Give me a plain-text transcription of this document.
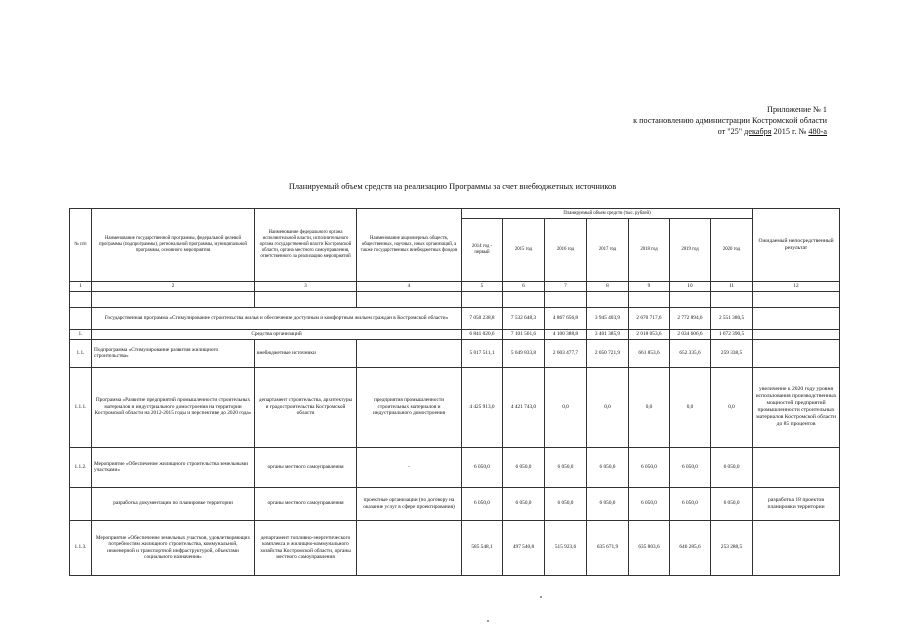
Приложение № 1
к постановлению администрации Костромской области
от "25" декабря 2015 г. № 480-а
Планируемый объем средств на реализацию Программы за счет внебюджетных источников
№ п/п	Наименование государственной программы, федеральной целевой программы (подпрограммы), региональной программы, муниципальной программы, основного мероприятия	Наименование федерального органа исполнительной власти, исполнительного органа государственной власти Костромской области, органа местного самоуправления, ответственного за реализацию мероприятий	Наименование акционерных обществ, общественных, научных, иных организаций, а также государственных внебюджетных фондов	Планируемый объем средств (тыс. рублей)							Ожидаемый непосредственный результат
				2014 год - первый	2015 год	2016 год	2017 год	2018 год	2019 год	2020 год	
1	2	3	4	5	6	7	8	9	10	11	12

	Государственная программа «Стимулирование строительства жилья и обеспечение доступным и комфортным жильем граждан в Костромской области»			7 050 238,8	7 532 648,3	4 867 656,8	3 945 403,9	2 670 717,6	2 772 894,6	2 551 380,5	
1.	Средства организаций			6 841 020,6	7 101 561,6	4 100 388,8	3 401 385,9	2 018 053,6	2 034 606,6	1 672 390,5	
1.1.	Подпрограмма «Стимулирование развития жилищного строительства»	внебюджетные источники		5 017 511,1	5 649 833,8	2 603 477,7	2 050 721,9	661 853,6	652 335,6	259 338,5	
1.1.1.	Программа «Развитие предприятий промышленности строительных материалов и индустриального домостроения на территории Костромской области на 2012-2015 годы и перспективе до 2020 года»	департамент строительства, архитектуры и градостроительства Костромской области	предприятия промышленности строительных материалов и индустриального домостроения	4 425 913,0	4 421 743,0	0,0	0,0	0,0	0,0	0,0	увеличение к 2020 году уровня использования производственных мощностей предприятий промышленности строительных материалов Костромской области до 85 процентов
1.1.2.	Мероприятие «Обеспечение жилищного строительства земельными участками»	органы местного самоуправления	-	6 050,0	6 050,0	6 050,0	6 050,0	6 050,0	6 050,0	6 050,0	
	разработка документации по планировке территории	органы местного самоуправления	проектные организации (по договору на оказание услуг в сфере проектирования)	6 050,0	6 050,0	6 050,0	6 050,0	6 050,0	6 050,0	6 050,0	разработка 18 проектов планировки территории
1.1.3.	Мероприятие «Обеспечение земельных участков, удовлетворяющих потребностям жилищного строительства, коммунальной, инженерной и транспортной инфраструктурой, объектами социального назначения»	департамент топливно-энергетического комплекса и жилищно-коммунального хозяйства Костромской области, органы местного самоуправления		585 548,1	497 540,8	515 923,6	635 671,9	635 803,6	646 285,6	253 288,5	
